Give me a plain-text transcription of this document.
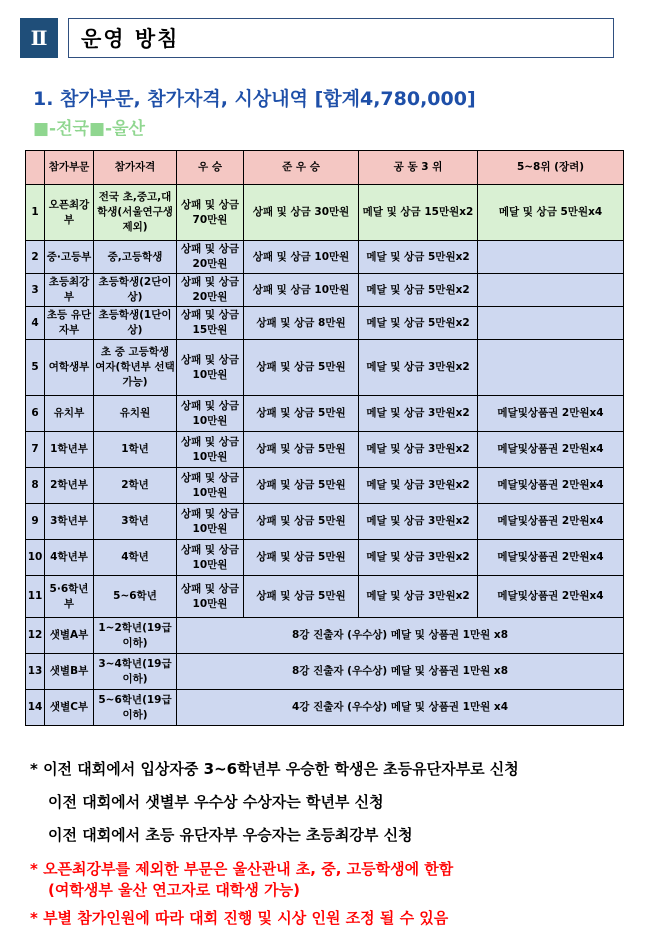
Ⅱ	운영 방침
1. 참가부문, 참가자격, 시상내역 [합계4,780,000]
■-전국■-울산
	참가부문	참가자격	우 승	준 우 승	공 동 3 위	5~8위 (장려)
1	오픈최강부	전국 초,중고,대학생(서울연구생 제외)	상패 및 상금 70만원	상패 및 상금 30만원	메달 및 상금 15만원x2	메달 및 상금 5만원x4
2	중·고등부	중,고등학생	상패 및 상금 20만원	상패 및 상금 10만원	메달 및 상금 5만원x2	
3	초등최강부	초등학생(2단이상)	상패 및 상금 20만원	상패 및 상금 10만원	메달 및 상금 5만원x2	
4	초등 유단자부	초등학생(1단이상)	상패 및 상금 15만원	상패 및 상금 8만원	메달 및 상금 5만원x2	
5	여학생부	초 중 고등학생 여자(학년부 선택가능)	상패 및 상금 10만원	상패 및 상금 5만원	메달 및 상금 3만원x2	
6	유치부	유치원	상패 및 상금 10만원	상패 및 상금 5만원	메달 및 상금 3만원x2	메달및상품권 2만원x4
7	1학년부	1학년	상패 및 상금 10만원	상패 및 상금 5만원	메달 및 상금 3만원x2	메달및상품권 2만원x4
8	2학년부	2학년	상패 및 상금 10만원	상패 및 상금 5만원	메달 및 상금 3만원x2	메달및상품권 2만원x4
9	3학년부	3학년	상패 및 상금 10만원	상패 및 상금 5만원	메달 및 상금 3만원x2	메달및상품권 2만원x4
10	4학년부	4학년	상패 및 상금 10만원	상패 및 상금 5만원	메달 및 상금 3만원x2	메달및상품권 2만원x4
11	5·6학년부	5~6학년	상패 및 상금 10만원	상패 및 상금 5만원	메달 및 상금 3만원x2	메달및상품권 2만원x4
12	샛별A부	1~2학년(19급이하)	8강 진출자 (우수상) 메달 및 상품권 1만원 x8			
13	샛별B부	3~4학년(19급이하)	8강 진출자 (우수상) 메달 및 상품권 1만원 x8			
14	샛별C부	5~6학년(19급 이하)	4강 진출자 (우수상) 메달 및 상품권 1만원 x4			
* 이전 대회에서 입상자중 3~6학년부 우승한 학생은 초등유단자부로 신청
이전 대회에서 샛별부 우수상 수상자는 학년부 신청
이전 대회에서 초등 유단자부 우승자는 초등최강부 신청
* 오픈최강부를 제외한 부문은 울산관내 초, 중, 고등학생에 한함
(여학생부 울산 연고자로 대학생 가능)
* 부별 참가인원에 따라 대회 진행 및 시상 인원 조정 될 수 있음
